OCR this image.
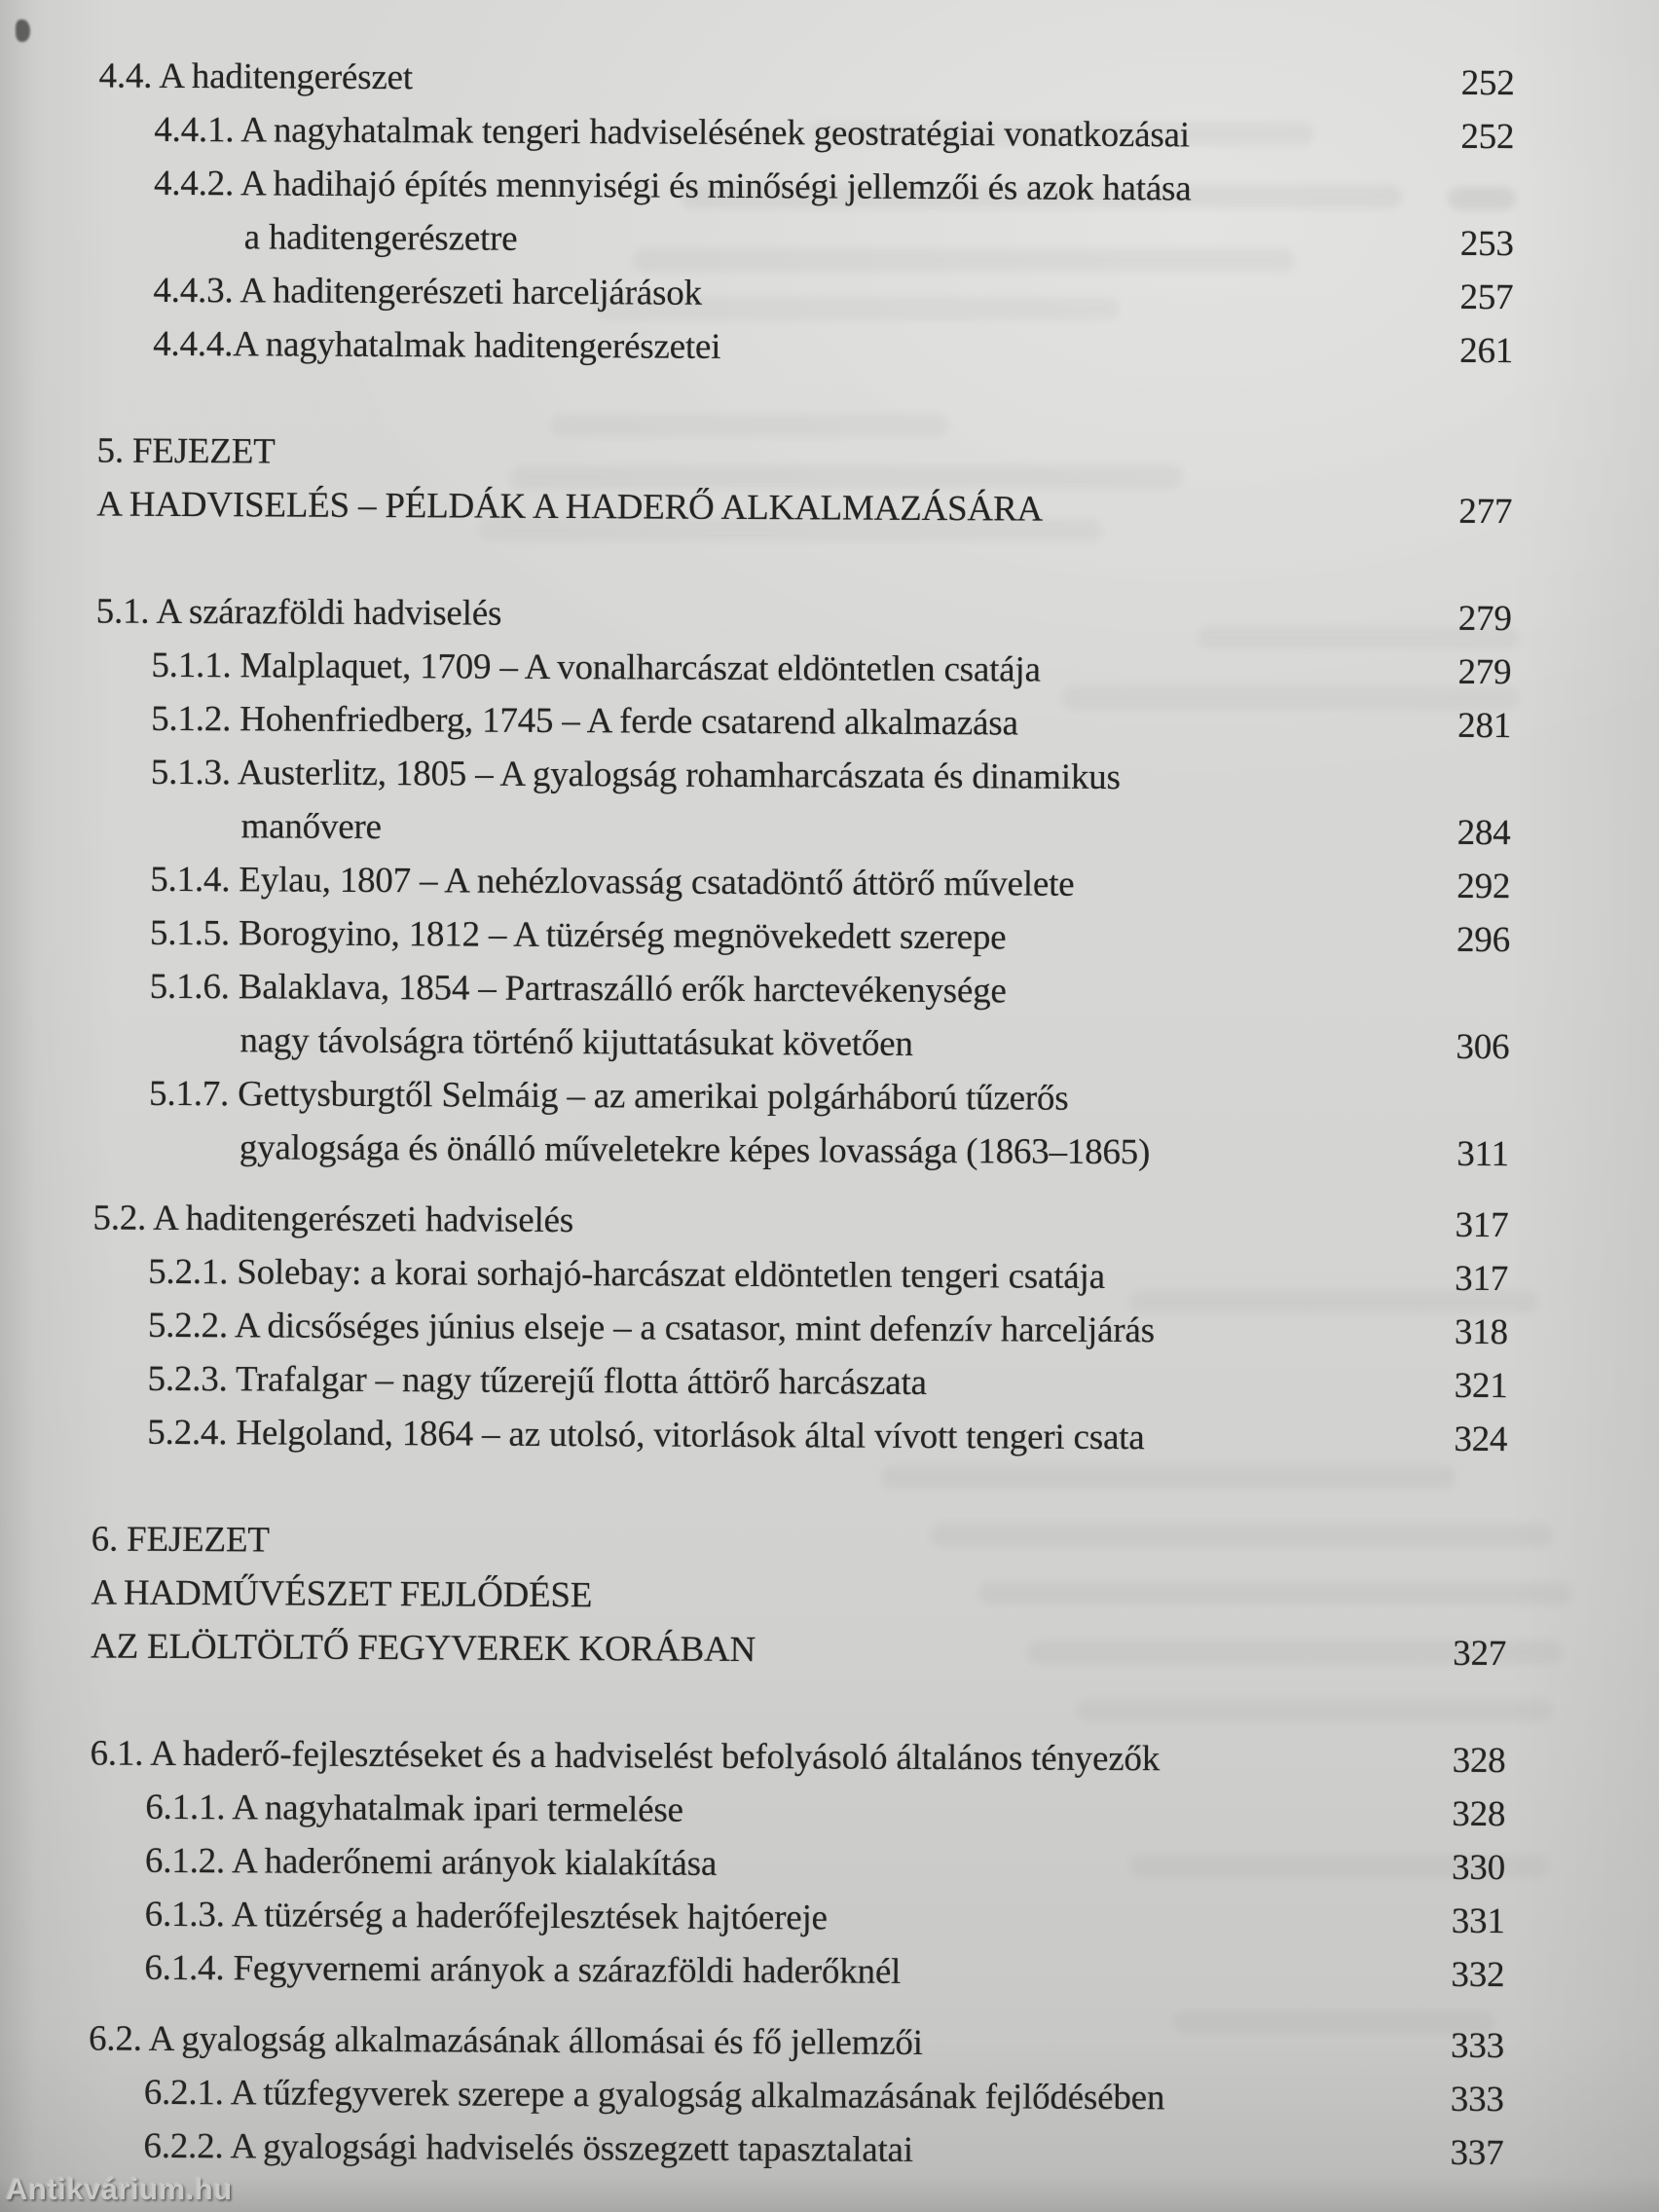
4.4. A haditengerészet	252
4.4.1. A nagyhatalmak tengeri hadviselésének geostratégiai vonatkozásai	252
4.4.2. A hadihajó építés mennyiségi és minőségi jellemzői és azok hatása
a haditengerészetre	253
4.4.3. A haditengerészeti harceljárások	257
4.4.4.A nagyhatalmak haditengerészetei	261
5. FEJEZET
A HADVISELÉS – PÉLDÁK A HADERŐ ALKALMAZÁSÁRA	277
5.1. A szárazföldi hadviselés	279
5.1.1. Malplaquet, 1709 – A vonalharcászat eldöntetlen csatája	279
5.1.2. Hohenfriedberg, 1745 – A ferde csatarend alkalmazása	281
5.1.3. Austerlitz, 1805 – A gyalogság rohamharcászata és dinamikus
manővere	284
5.1.4. Eylau, 1807 – A nehézlovasság csatadöntő áttörő művelete	292
5.1.5. Borogyino, 1812 – A tüzérség megnövekedett szerepe	296
5.1.6. Balaklava, 1854 – Partraszálló erők harctevékenysége
nagy távolságra történő kijuttatásukat követően	306
5.1.7. Gettysburgtől Selmáig – az amerikai polgárháború tűzerős
gyalogsága és önálló műveletekre képes lovassága (1863–1865)	311
5.2. A haditengerészeti hadviselés	317
5.2.1. Solebay: a korai sorhajó-harcászat eldöntetlen tengeri csatája	317
5.2.2. A dicsőséges június elseje – a csatasor, mint defenzív harceljárás	318
5.2.3. Trafalgar – nagy tűzerejű flotta áttörő harcászata	321
5.2.4. Helgoland, 1864 – az utolsó, vitorlások által vívott tengeri csata	324
6. FEJEZET
A HADMŰVÉSZET FEJLŐDÉSE
AZ ELÖLTÖLTŐ FEGYVEREK KORÁBAN	327
6.1. A haderő-fejlesztéseket és a hadviselést befolyásoló általános tényezők	328
6.1.1. A nagyhatalmak ipari termelése	328
6.1.2. A haderőnemi arányok kialakítása	330
6.1.3. A tüzérség a haderőfejlesztések hajtóereje	331
6.1.4. Fegyvernemi arányok a szárazföldi haderőknél	332
6.2. A gyalogság alkalmazásának állomásai és fő jellemzői	333
6.2.1. A tűzfegyverek szerepe a gyalogság alkalmazásának fejlődésében	333
6.2.2. A gyalogsági hadviselés összegzett tapasztalatai	337
Antikvárium.hu
